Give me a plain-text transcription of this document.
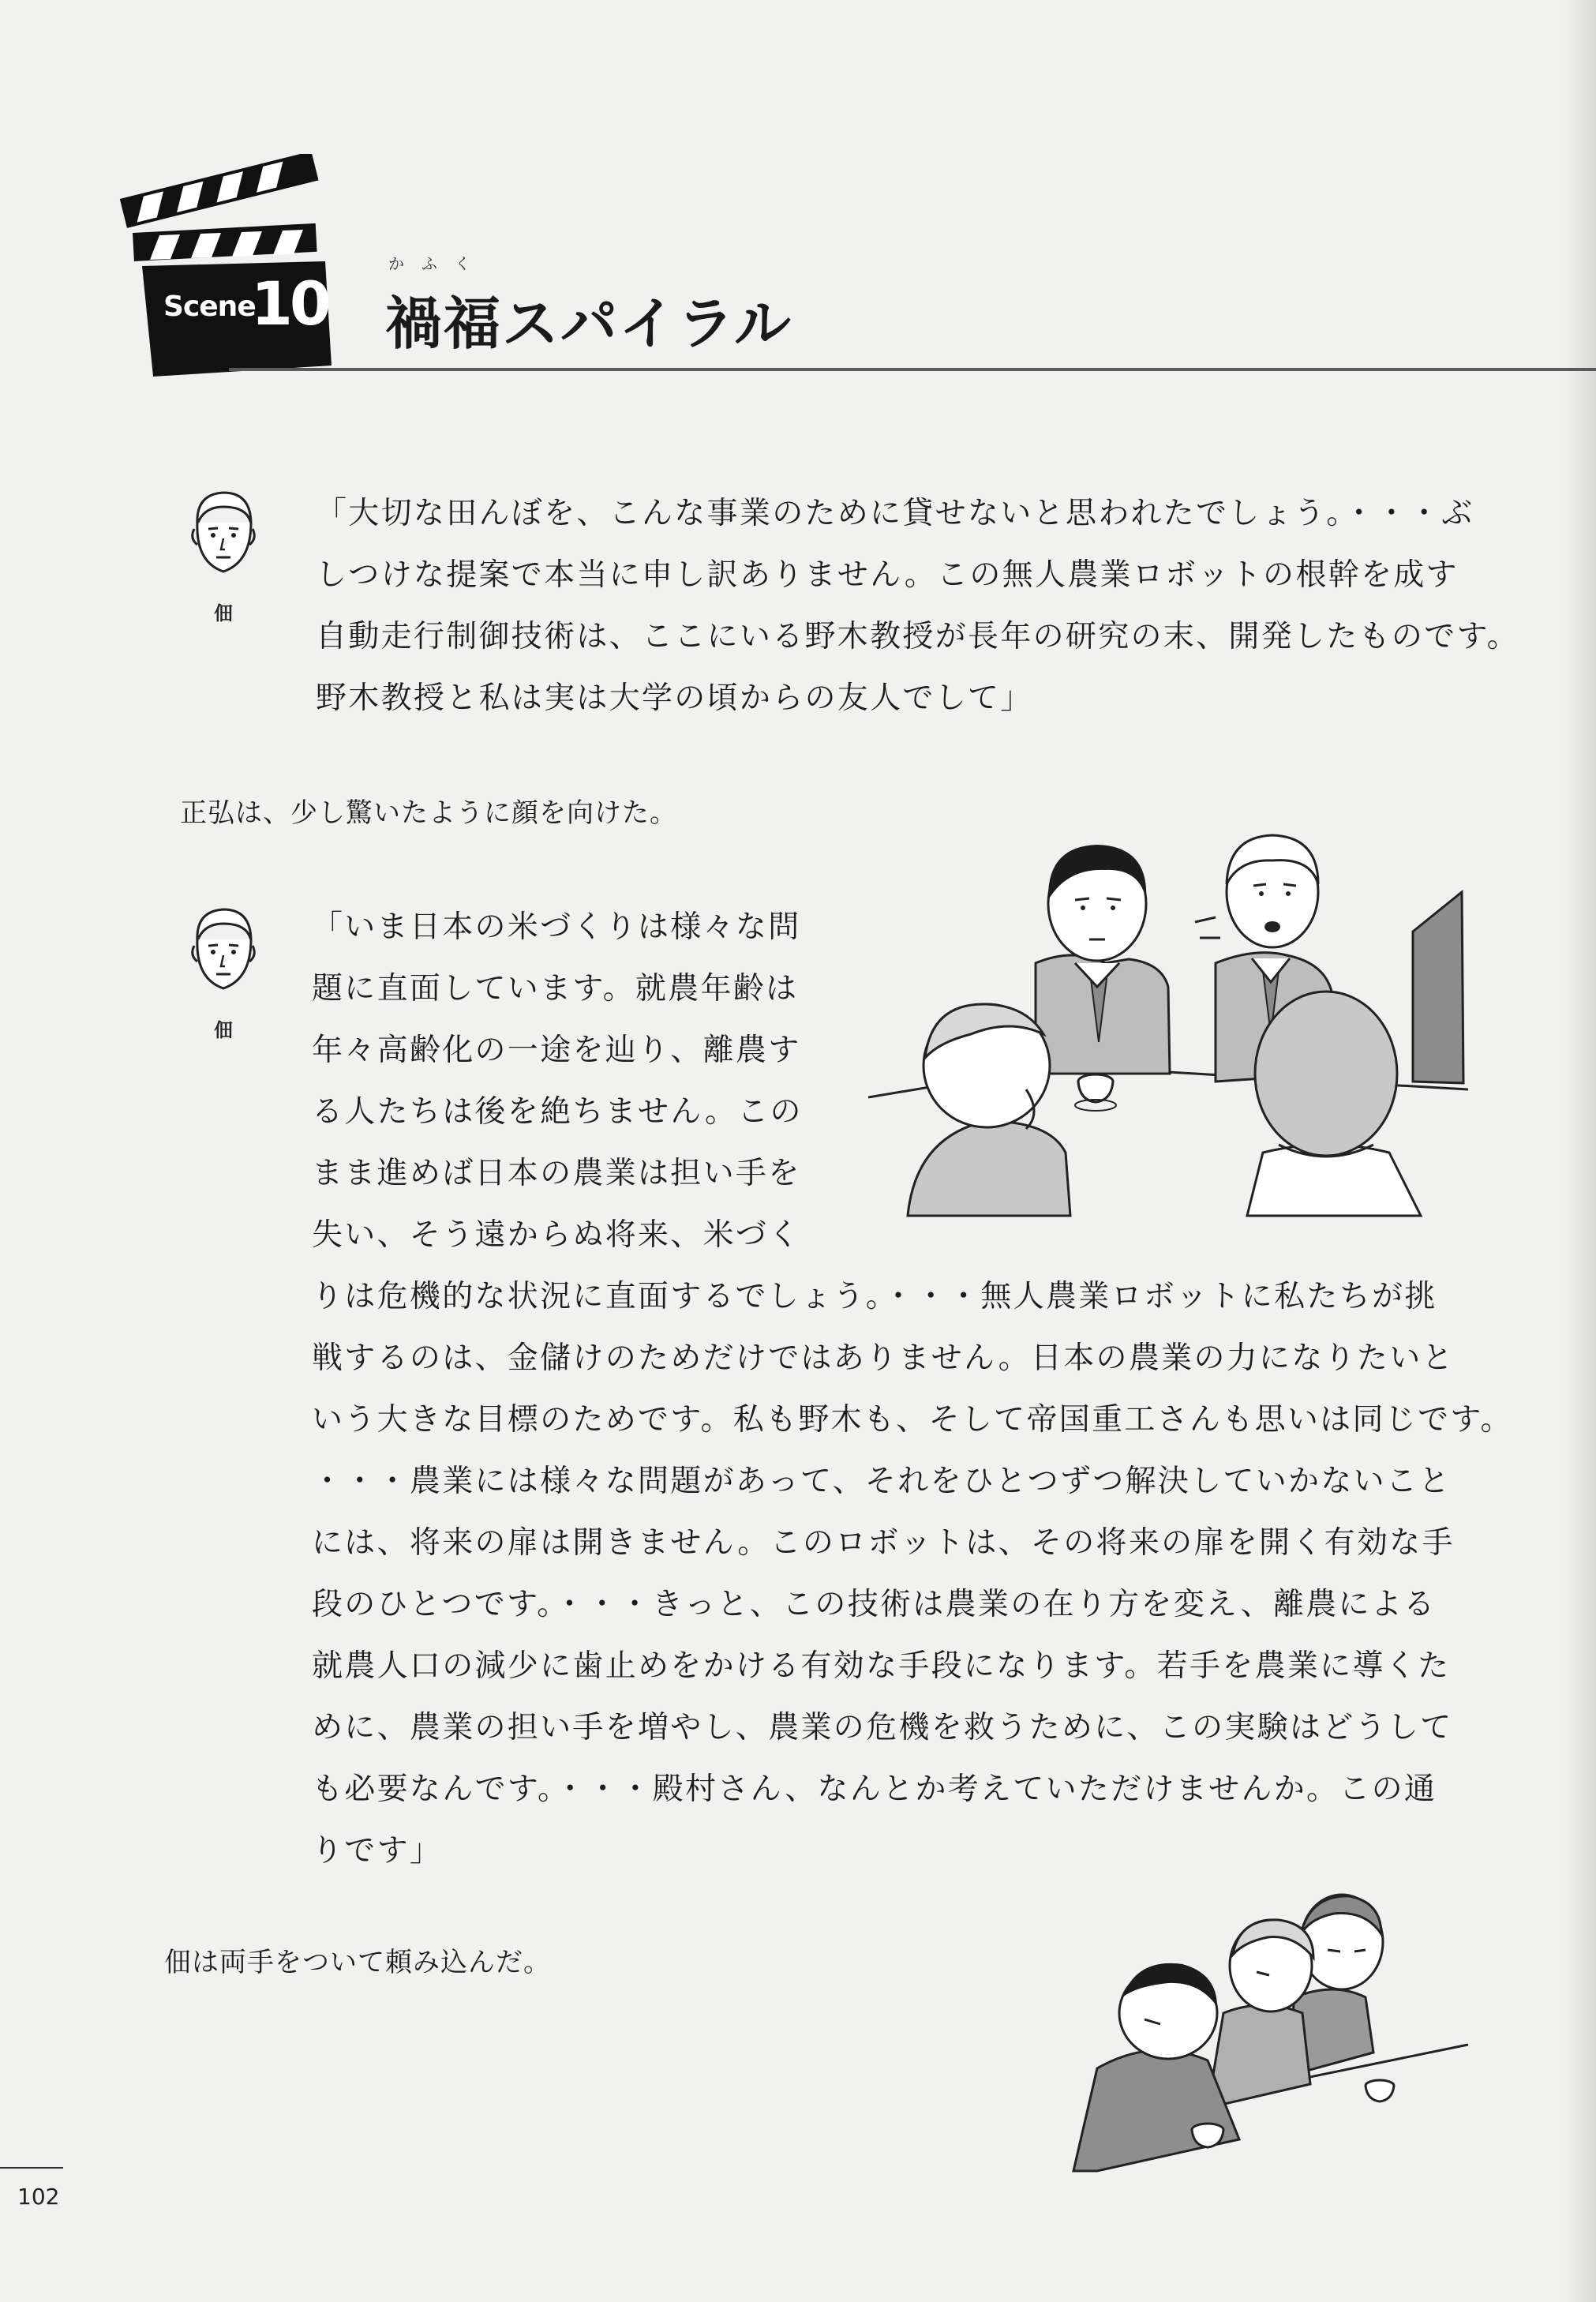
Scene
10
かふく
禍福スパイラル
佃
「大切な田んぼを、こんな事業のために貸せないと思われたでしょう。・・・ぶ
しつけな提案で本当に申し訳ありません。この無人農業ロボットの根幹を成す
自動走行制御技術は、ここにいる野木教授が長年の研究の末、開発したものです。
野木教授と私は実は大学の頃からの友人でして」
正弘は、少し驚いたように顔を向けた。
佃
「いま日本の米づくりは様々な問
題に直面しています。就農年齢は
年々高齢化の一途を辿り、離農す
る人たちは後を絶ちません。この
まま進めば日本の農業は担い手を
失い、そう遠からぬ将来、米づく
りは危機的な状況に直面するでしょう。・・・無人農業ロボットに私たちが挑
戦するのは、金儲けのためだけではありません。日本の農業の力になりたいと
いう大きな目標のためです。私も野木も、そして帝国重工さんも思いは同じです。
・・・農業には様々な問題があって、それをひとつずつ解決していかないこと
には、将来の扉は開きません。このロボットは、その将来の扉を開く有効な手
段のひとつです。・・・きっと、この技術は農業の在り方を変え、離農による
就農人口の減少に歯止めをかける有効な手段になります。若手を農業に導くた
めに、農業の担い手を増やし、農業の危機を救うために、この実験はどうして
も必要なんです。・・・殿村さん、なんとか考えていただけませんか。この通
りです」
佃は両手をついて頼み込んだ。
102
